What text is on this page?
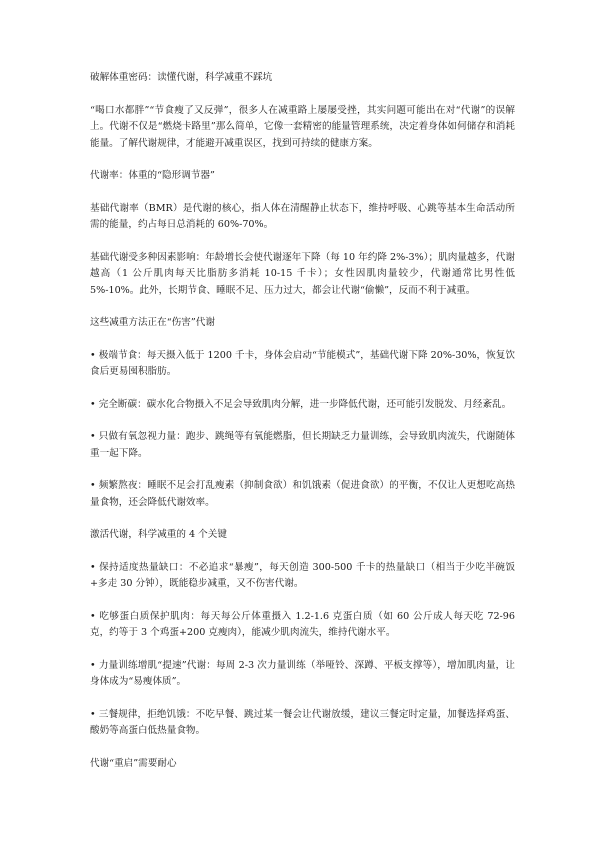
破解体重密码：读懂代谢，科学减重不踩坑

“喝口水都胖”“节食瘦了又反弹”，很多人在减重路上屡屡受挫，其实问题可能出在对“代谢”的误解上。代谢不仅是“燃烧卡路里”那么简单，它像一套精密的能量管理系统，决定着身体如何储存和消耗能量。了解代谢规律，才能避开减重误区，找到可持续的健康方案。

代谢率：体重的“隐形调节器”

基础代谢率（BMR）是代谢的核心，指人体在清醒静止状态下，维持呼吸、心跳等基本生命活动所需的能量，约占每日总消耗的 60%-70%。

基础代谢受多种因素影响：年龄增长会使代谢逐年下降（每 10 年约降 2%-3%）；肌肉量越多，代谢越高（1 公斤肌肉每天比脂肪多消耗 10-15 千卡）；女性因肌肉量较少，代谢通常比男性低 5%-10%。此外，长期节食、睡眠不足、压力过大，都会让代谢“偷懒”，反而不利于减重。

这些减重方法正在“伤害”代谢

• 极端节食：每天摄入低于 1200 千卡，身体会启动“节能模式”，基础代谢下降 20%-30%，恢复饮食后更易囤积脂肪。

• 完全断碳：碳水化合物摄入不足会导致肌肉分解，进一步降低代谢，还可能引发脱发、月经紊乱。

• 只做有氧忽视力量：跑步、跳绳等有氧能燃脂，但长期缺乏力量训练，会导致肌肉流失，代谢随体重一起下降。

• 频繁熬夜：睡眠不足会打乱瘦素（抑制食欲）和饥饿素（促进食欲）的平衡，不仅让人更想吃高热量食物，还会降低代谢效率。

激活代谢，科学减重的 4 个关键

• 保持适度热量缺口：不必追求“暴瘦”，每天创造 300-500 千卡的热量缺口（相当于少吃半碗饭+多走 30 分钟），既能稳步减重，又不伤害代谢。

• 吃够蛋白质保护肌肉：每天每公斤体重摄入 1.2-1.6 克蛋白质（如 60 公斤成人每天吃 72-96 克，约等于 3 个鸡蛋+200 克瘦肉），能减少肌肉流失，维持代谢水平。

• 力量训练增肌“提速”代谢：每周 2-3 次力量训练（举哑铃、深蹲、平板支撑等），增加肌肉量，让身体成为“易瘦体质”。

• 三餐规律，拒绝饥饿：不吃早餐、跳过某一餐会让代谢放缓，建议三餐定时定量，加餐选择鸡蛋、酸奶等高蛋白低热量食物。

代谢“重启”需要耐心
